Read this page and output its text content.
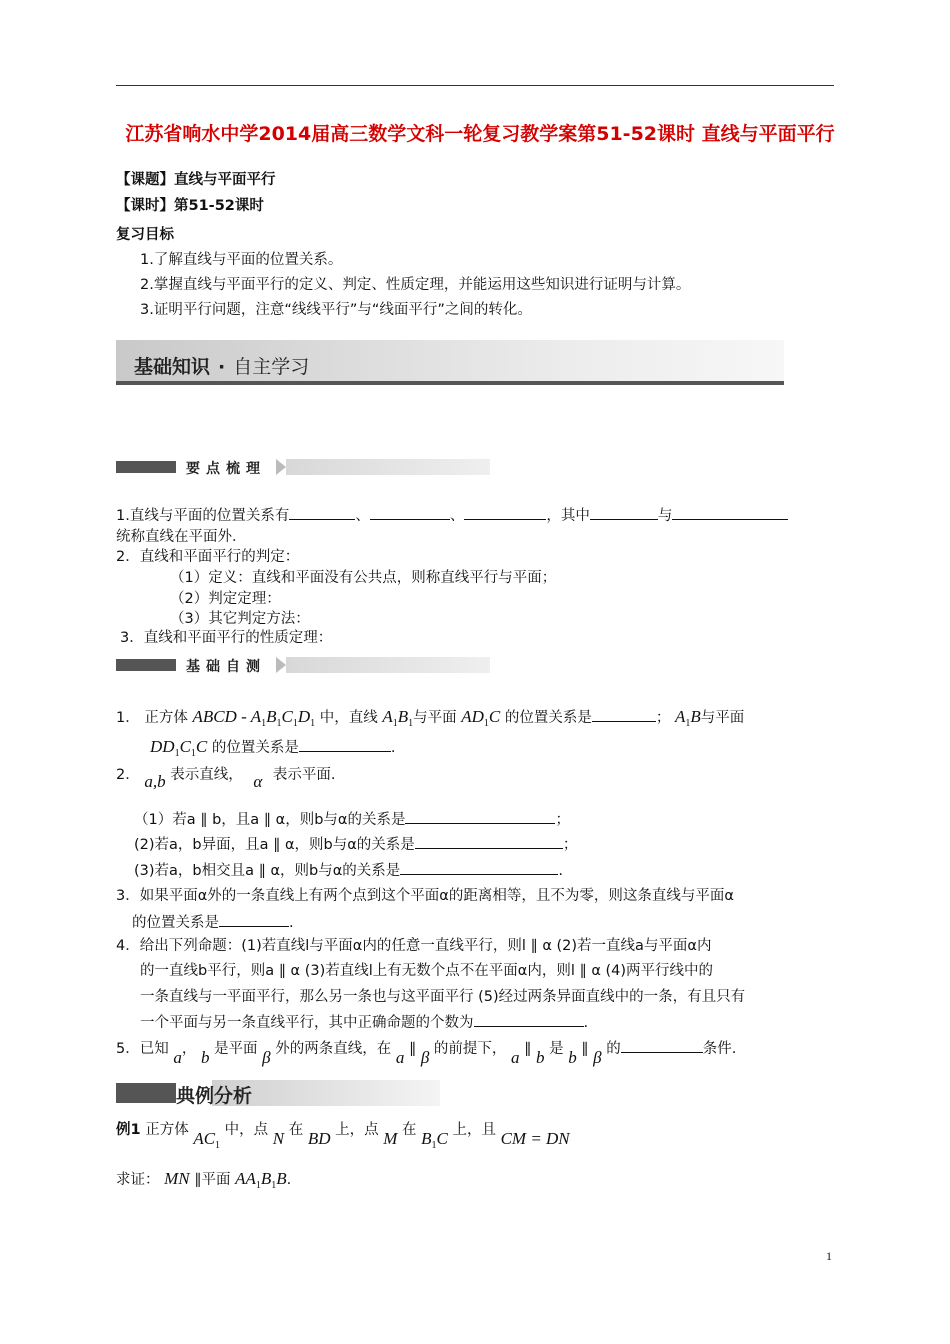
江苏省响水中学2014届高三数学文科一轮复习教学案第51-52课时 直线与平面平行
【课题】直线与平面平行
【课时】第51-52课时
复习目标
1.了解直线与平面的位置关系。
2.掌握直线与平面平行的定义、判定、性质定理，并能运用这些知识进行证明与计算。
3.证明平行问题，注意“线线平行”与“线面平行”之间的转化。
基础知识 · 自主学习
要点梳理
1.直线与平面的位置关系有	、	、	，其中	与
统称直线在平面外．
2．直线和平面平行的判定：
（1）定义：直线和平面没有公共点，则称直线平行与平面；
（2）判定定理：
（3）其它判定方法：
3．直线和平面平行的性质定理：
基础自测
1． 正方体 ABCD - $A_1B_1C_1D_1$ 中，直线 $A_1B_1$与平面 $AD_1C$ 的位置关系是	； $A_1B$与平面
$DD_1C_1C$ 的位置关系是	.
2． a,b 表示直线， α 表示平面.
（1）若a ∥ b，且a ∥ α，则b与α的关系是	；
(2)若a，b异面，且a ∥ α，则b与α的关系是	；
(3)若a，b相交且a ∥ α，则b与α的关系是	.
3．如果平面α外的一条直线上有两个点到这个平面α的距离相等，且不为零，则这条直线与平面α
的位置关系是	.
4．给出下列命题：(1)若直线l与平面α内的任意一直线平行，则l ∥ α (2)若一直线a与平面α内
的一直线b平行，则a ∥ α (3)若直线l上有无数个点不在平面α内，则l ∥ α (4)两平行线中的
一条直线与一平面平行，那么另一条也与这平面平行 (5)经过两条异面直线中的一条，有且只有
一个平面与另一条直线平行，其中正确命题的个数为	.
5．已知 a， b 是平面 β 外的两条直线，在 a ∥ β 的前提下， a ∥ b 是 b ∥ β 的	条件.
典例分析
例1 正方体 $AC_1$ 中，点 N 在 BD 上，点 M 在 $B_1C$ 上，且 CM = DN
求证： MN ∥平面 $AA_1B_1B$.
1
